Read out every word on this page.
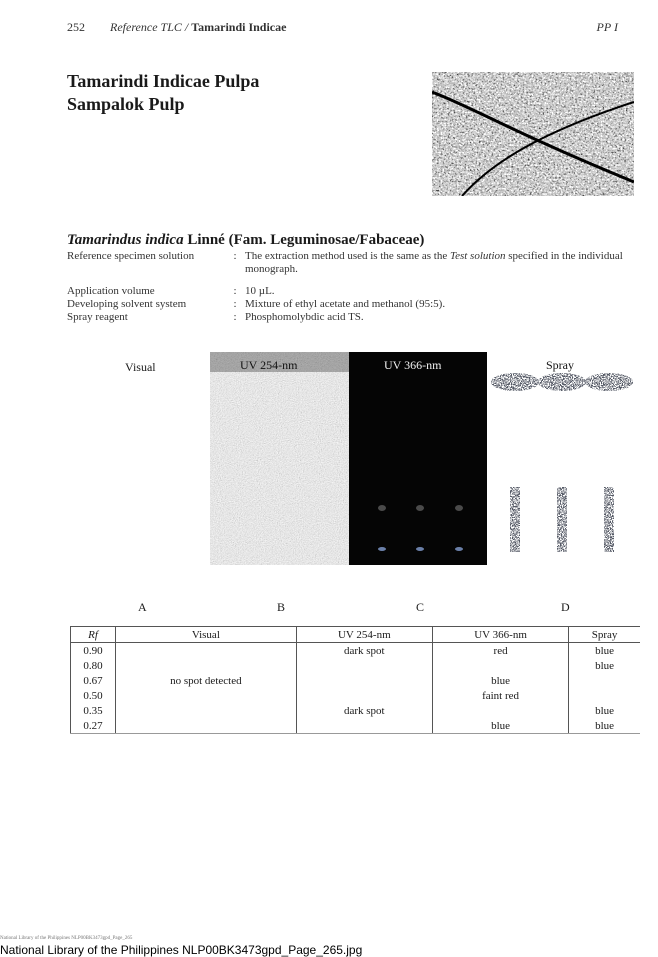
252 Reference TLC / Tamarindi Indicae	PP I
Tamarindi Indicae Pulpa
Sampalok Pulp
Tamarindus indica Linné (Fam. Leguminosae/Fabaceae)
Reference specimen solution	: The extraction method used is the same as the Test solution specified in the individual monograph.
Application volume	: 10 µL.
Developing solvent system	: Mixture of ethyl acetate and methanol (95:5).
Spray reagent	: Phosphomolybdic acid TS.
Visual	UV 254-nm	UV 366-nm	Spray
A	B	C	D
Rf	Visual	UV 254-nm	UV 366-nm	Spray
0.90		dark spot	red	blue
0.80				blue
0.67	no spot detected		blue	
0.50			faint red	
0.35		dark spot		blue
0.27			blue	blue
National Library of the Philippines NLP00BK3473gpd_Page_265
National Library of the Philippines NLP00BK3473gpd_Page_265.jpg
